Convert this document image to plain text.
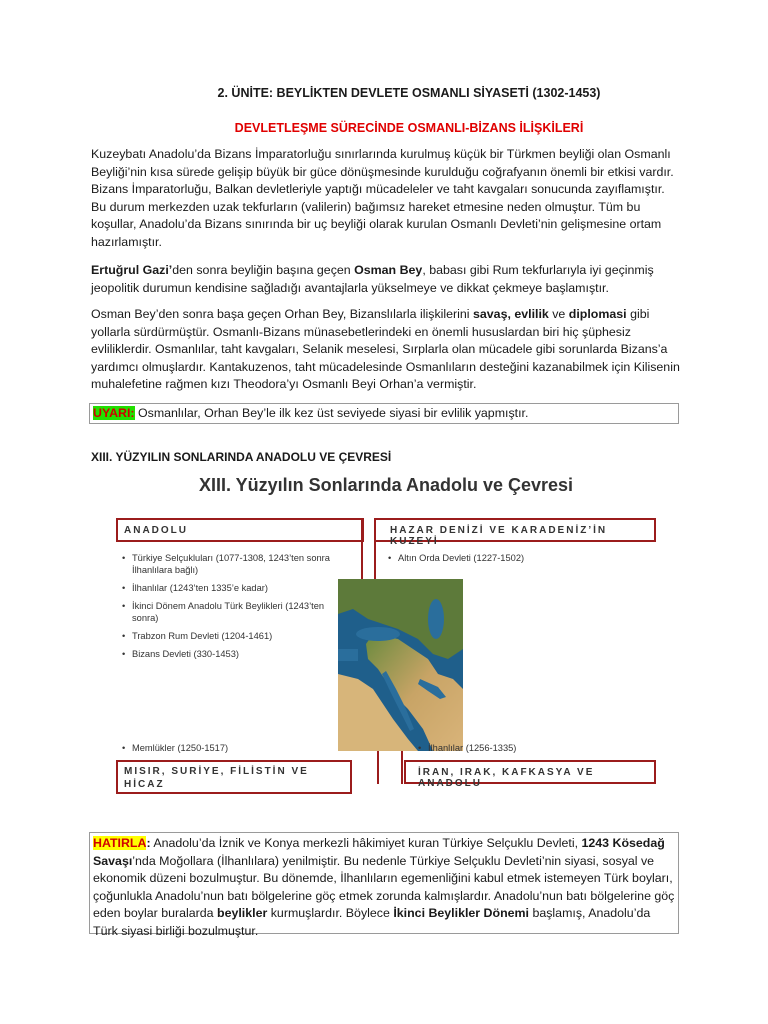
2. ÜNİTE: BEYLİKTEN DEVLETE OSMANLI SİYASETİ (1302-1453)
DEVLETLEŞME SÜRECİNDE OSMANLI-BİZANS İLİŞKİLERİ

Kuzeybatı Anadolu’da Bizans İmparatorluğu sınırlarında kurulmuş küçük bir Türkmen beyliği olan Osmanlı Beyliği’nin kısa sürede gelişip büyük bir güce dönüşmesinde kurulduğu coğrafyanın önemli bir etkisi vardır. Bizans İmparatorluğu, Balkan devletleriyle yaptığı mücadeleler ve taht kavgaları sonucunda zayıflamıştır. Bu durum merkezden uzak tekfurların (valilerin) bağımsız hareket etmesine neden olmuştur. Tüm bu koşullar, Anadolu’da Bizans sınırında bir uç beyliği olarak kurulan Osmanlı Devleti’nin gelişmesine ortam hazırlamıştır.

Ertuğrul Gazi’den sonra beyliğin başına geçen Osman Bey, babası gibi Rum tekfurlarıyla iyi geçinmiş jeopolitik durumun kendisine sağladığı avantajlarla yükselmeye ve dikkat çekmeye başlamıştır.

Osman Bey’den sonra başa geçen Orhan Bey, Bizanslılarla ilişkilerini savaş, evlilik ve diplomasi gibi yollarla sürdürmüştür. Osmanlı-Bizans münasebetlerindeki en önemli hususlardan biri hiç şüphesiz evliliklerdir. Osmanlılar, taht kavgaları, Selanik meselesi, Sırplarla olan mücadele gibi sorunlarda Bizans’a yardımcı olmuşlardır. Kantakuzenos, taht mücadelesinde Osmanlıların desteğini kazanabilmek için Kilisenin muhalefetine rağmen kızı Theodora’yı Osmanlı Beyi Orhan’a vermiştir.

UYARI: Osmanlılar, Orhan Bey’le ilk kez üst seviyede siyasi bir evlilik yapmıştır.
XIII. YÜZYILIN SONLARINDA ANADOLU VE ÇEVRESİ
XIII. Yüzyılın Sonlarında Anadolu ve Çevresi
ANADOLU
• Türkiye Selçukluları (1077-1308, 1243’ten sonra İlhanlılara bağlı)
• İlhanlılar (1243’ten 1335’e kadar)
• İkinci Dönem Anadolu Türk Beylikleri (1243’ten sonra)
• Trabzon Rum Devleti (1204-1461)
• Bizans Devleti (330-1453)
HAZAR DENİZİ VE KARADENİZ’İN KUZEYİ
• Altın Orda Devleti (1227-1502)
• Memlükler (1250-1517)
MISIR, SURİYE, FİLİSTİN VE HİCAZ
• İlhanlılar (1256-1335)
İRAN, IRAK, KAFKASYA VE ANADOLU
HATIRLA: Anadolu’da İznik ve Konya merkezli hâkimiyet kuran Türkiye Selçuklu Devleti, 1243 Kösedağ Savaşı’nda Moğollara (İlhanlılara) yenilmiştir. Bu nedenle Türkiye Selçuklu Devleti’nin siyasi, sosyal ve ekonomik düzeni bozulmuştur. Bu dönemde, İlhanlıların egemenliğini kabul etmek istemeyen Türk boyları, çoğunlukla Anadolu’nun batı bölgelerine göç etmek zorunda kalmışlardır. Anadolu’nun batı bölgelerine göç eden boylar buralarda beylikler kurmuşlardır. Böylece İkinci Beylikler Dönemi başlamış, Anadolu’da Türk siyasi birliği bozulmuştur.
